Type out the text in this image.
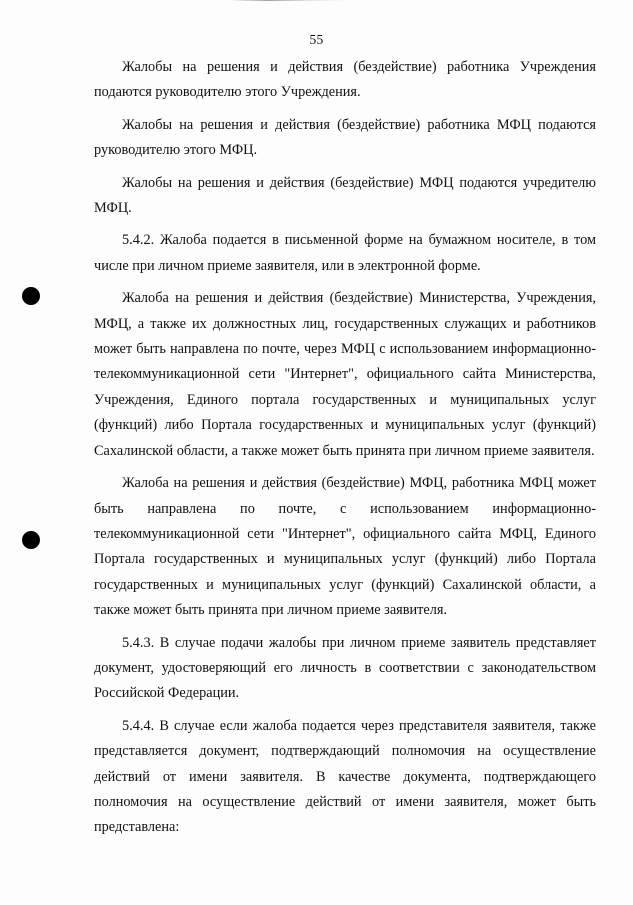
55

Жалобы на решения и действия (бездействие) работника Учреждения подаются руководителю этого Учреждения.

Жалобы на решения и действия (бездействие) работника МФЦ подаются руководителю этого МФЦ.

Жалобы на решения и действия (бездействие) МФЦ подаются учредителю МФЦ.

5.4.2. Жалоба подается в письменной форме на бумажном носителе, в том числе при личном приеме заявителя, или в электронной форме.

Жалоба на решения и действия (бездействие) Министерства, Учреждения, МФЦ, а также их должностных лиц, государственных служащих и работников может быть направлена по почте, через МФЦ с использованием информационно-телекоммуникационной сети "Интернет", официального сайта Министерства, Учреждения, Единого портала государственных и муниципальных услуг (функций) либо Портала государственных и муниципальных услуг (функций) Сахалинской области, а также может быть принята при личном приеме заявителя.

Жалоба на решения и действия (бездействие) МФЦ, работника МФЦ может быть направлена по почте, с использованием информационно-телекоммуникационной сети "Интернет", официального сайта МФЦ, Единого Портала государственных и муниципальных услуг (функций) либо Портала государственных и муниципальных услуг (функций) Сахалинской области, а также может быть принята при личном приеме заявителя.

5.4.3. В случае подачи жалобы при личном приеме заявитель представляет документ, удостоверяющий его личность в соответствии с законодательством Российской Федерации.

5.4.4. В случае если жалоба подается через представителя заявителя, также представляется документ, подтверждающий полномочия на осуществление действий от имени заявителя. В качестве документа, подтверждающего полномочия на осуществление действий от имени заявителя, может быть представлена:
